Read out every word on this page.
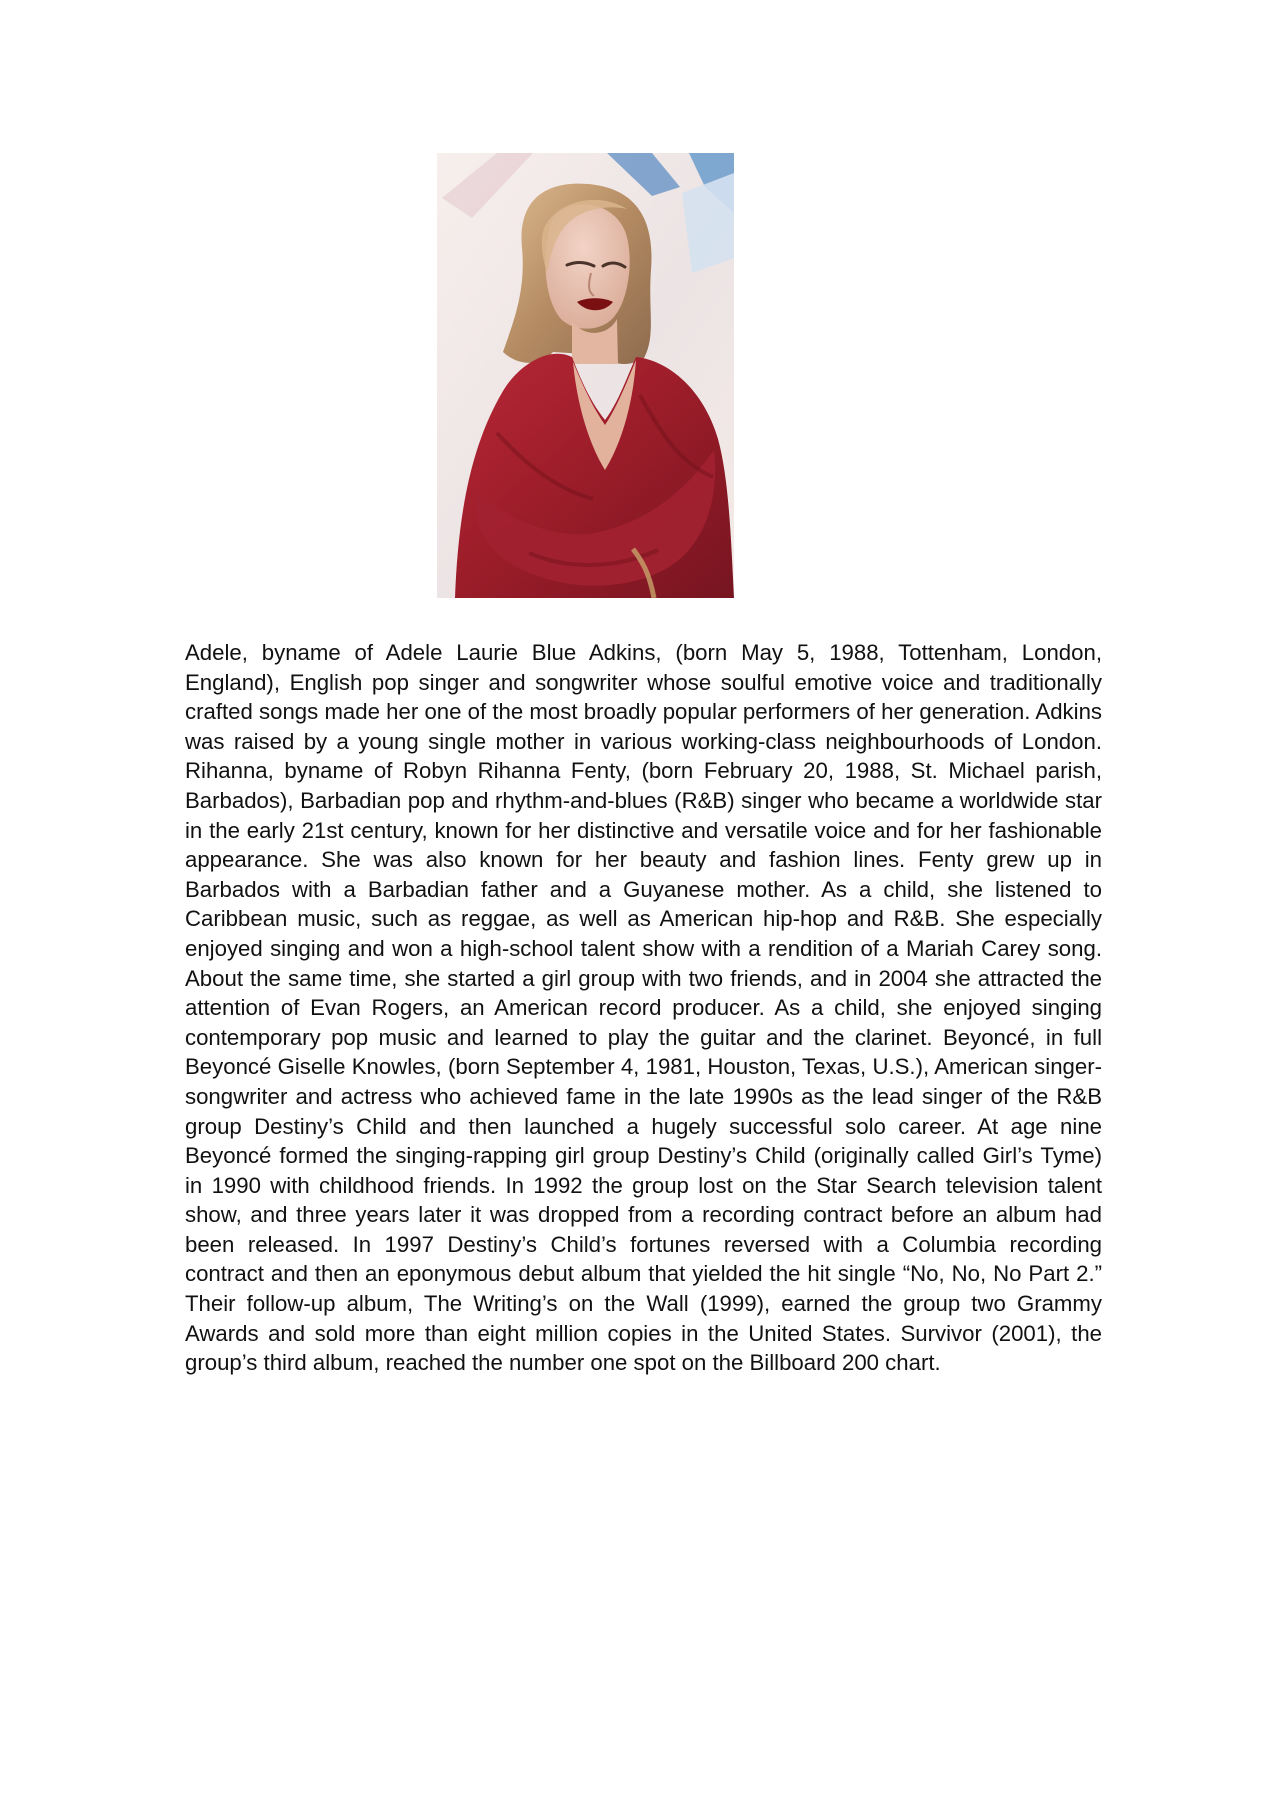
Adele, byname of Adele Laurie Blue Adkins, (born May 5, 1988, Tottenham, London, England), English pop singer and songwriter whose soulful emotive voice and traditionally crafted songs made her one of the most broadly popular performers of her generation. Adkins was raised by a young single mother in various working-class neighbourhoods of London. Rihanna, byname of Robyn Rihanna Fenty, (born February 20, 1988, St. Michael parish, Barbados), Barbadian pop and rhythm-and-blues (R&B) singer who became a worldwide star in the early 21st century, known for her distinctive and versatile voice and for her fashionable appearance. She was also known for her beauty and fashion lines. Fenty grew up in Barbados with a Barbadian father and a Guyanese mother. As a child, she listened to Caribbean music, such as reggae, as well as American hip-hop and R&B. She especially enjoyed singing and won a high-school talent show with a rendition of a Mariah Carey song. About the same time, she started a girl group with two friends, and in 2004 she attracted the attention of Evan Rogers, an American record producer. As a child, she enjoyed singing contemporary pop music and learned to play the guitar and the clarinet. Beyoncé, in full Beyoncé Giselle Knowles, (born September 4, 1981, Houston, Texas, U.S.), American singer-songwriter and actress who achieved fame in the late 1990s as the lead singer of the R&B group Destiny’s Child and then launched a hugely successful solo career. At age nine Beyoncé formed the singing-rapping girl group Destiny’s Child (originally called Girl’s Tyme) in 1990 with childhood friends. In 1992 the group lost on the Star Search television talent show, and three years later it was dropped from a recording contract before an album had been released. In 1997 Destiny’s Child’s fortunes reversed with a Columbia recording contract and then an eponymous debut album that yielded the hit single “No, No, No Part 2.” Their follow-up album, The Writing’s on the Wall (1999), earned the group two Grammy Awards and sold more than eight million copies in the United States. Survivor (2001), the group’s third album, reached the number one spot on the Billboard 200 chart.
